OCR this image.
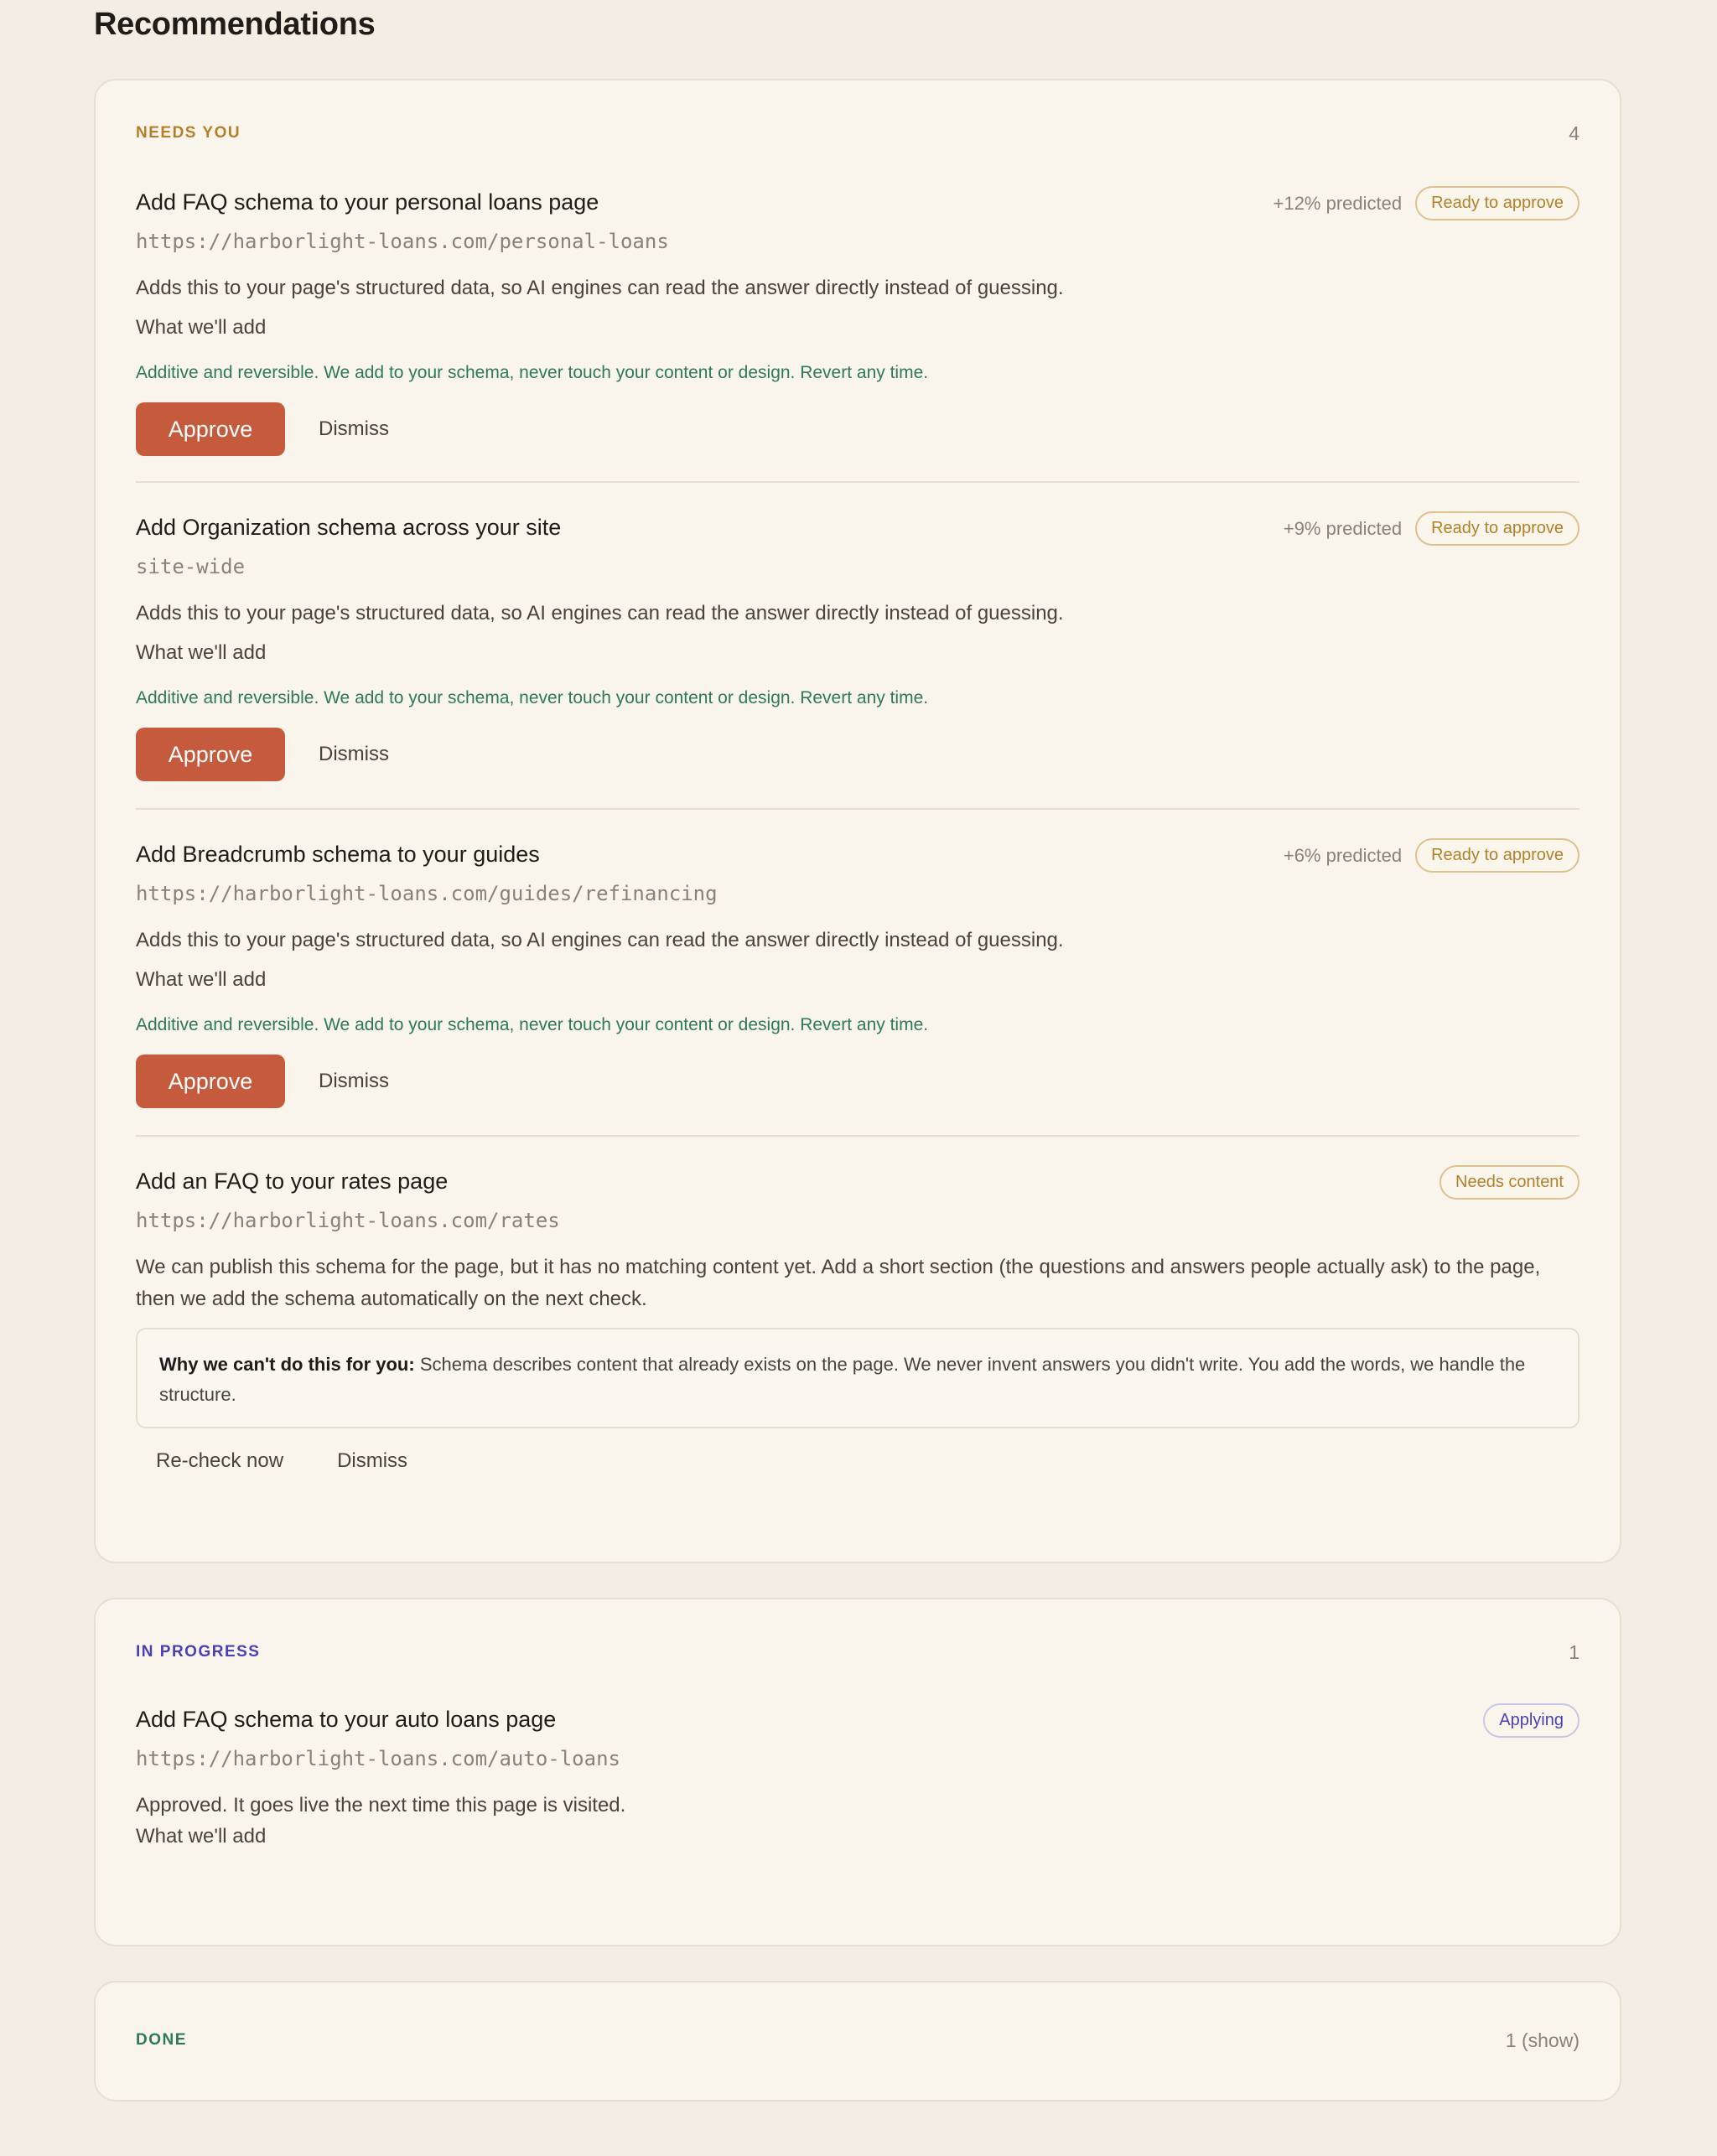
Recommendations
NEEDS YOU	4
Add FAQ schema to your personal loans page	+12% predicted	Ready to approve
https://harborlight-loans.com/personal-loans
Adds this to your page's structured data, so AI engines can read the answer directly instead of guessing.
What we'll add
Additive and reversible. We add to your schema, never touch your content or design. Revert any time.
Approve	Dismiss
Add Organization schema across your site	+9% predicted	Ready to approve
site-wide
Adds this to your page's structured data, so AI engines can read the answer directly instead of guessing.
What we'll add
Additive and reversible. We add to your schema, never touch your content or design. Revert any time.
Approve	Dismiss
Add Breadcrumb schema to your guides	+6% predicted	Ready to approve
https://harborlight-loans.com/guides/refinancing
Adds this to your page's structured data, so AI engines can read the answer directly instead of guessing.
What we'll add
Additive and reversible. We add to your schema, never touch your content or design. Revert any time.
Approve	Dismiss
Add an FAQ to your rates page	Needs content
https://harborlight-loans.com/rates
We can publish this schema for the page, but it has no matching content yet. Add a short section (the questions and answers people actually ask) to the page, then we add the schema automatically on the next check.
Why we can't do this for you: Schema describes content that already exists on the page. We never invent answers you didn't write. You add the words, we handle the structure.
Re-check now	Dismiss
IN PROGRESS	1
Add FAQ schema to your auto loans page	Applying
https://harborlight-loans.com/auto-loans
Approved. It goes live the next time this page is visited.
What we'll add
DONE	1 (show)
